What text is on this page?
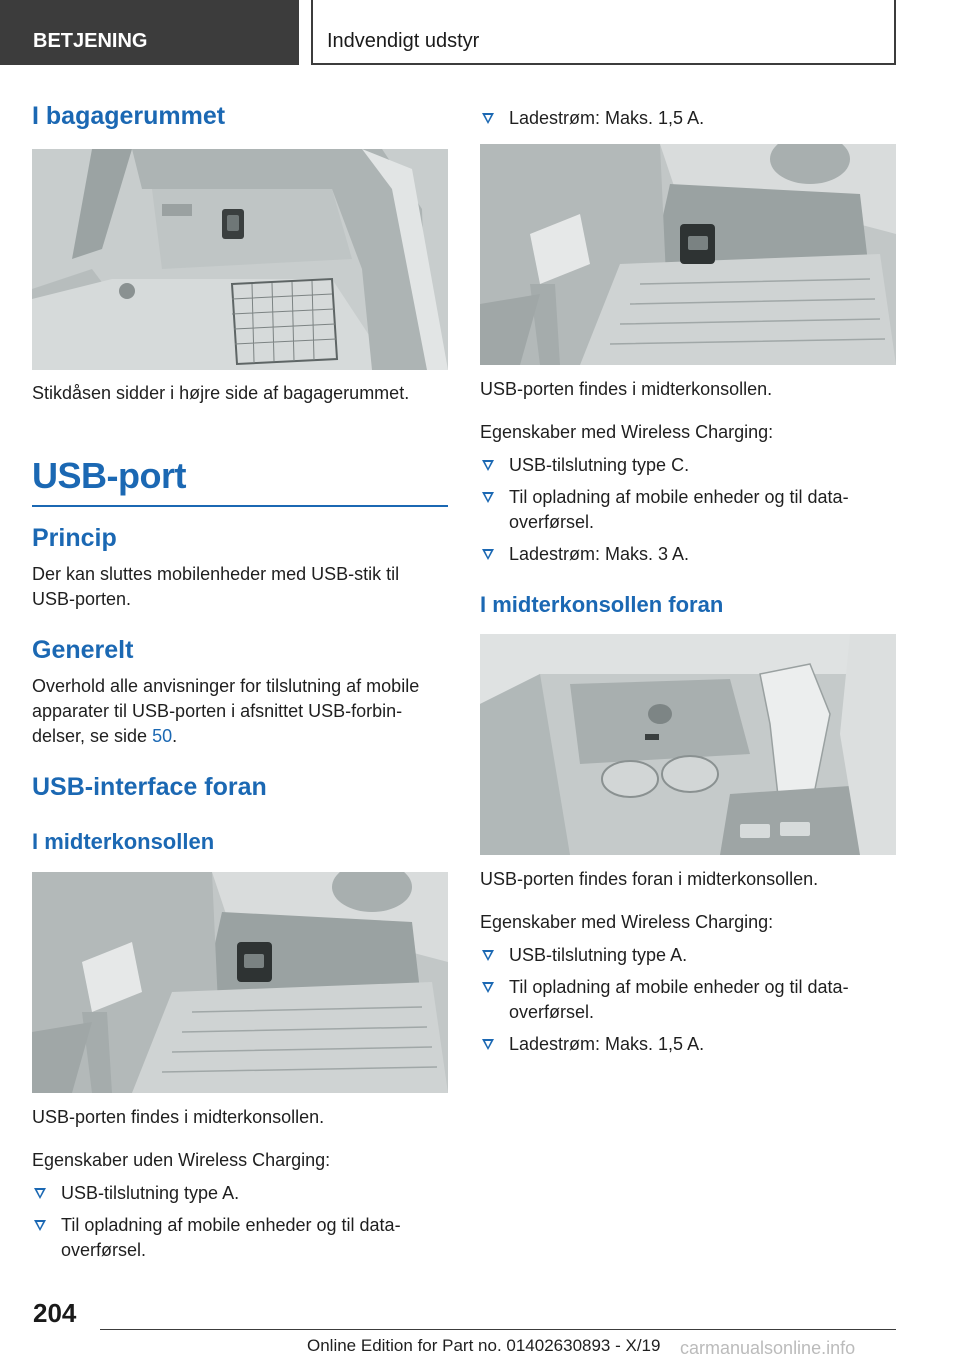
BETJENING	Indvendigt udstyr
I bagagerummet

Stikdåsen sidder i højre side af bagagerummet.

USB-port
Princip

Der kan sluttes mobilenheder med USB-stik til USB-porten.

Generelt

Overhold alle anvisninger for tilslutning af mobile apparater til USB-porten i afsnittet USB-forbindelser, se side 50.

USB-interface foran
I midterkonsollen

USB-porten findes i midterkonsollen.

Egenskaber uden Wireless Charging:

USB-tilslutning type A.
Til opladning af mobile enheder og til dataoverførsel.
Ladestrøm: Maks. 1,5 A.

USB-porten findes i midterkonsollen.

Egenskaber med Wireless Charging:

USB-tilslutning type C.
Til opladning af mobile enheder og til dataoverførsel.
Ladestrøm: Maks. 3 A.
I midterkonsollen foran

USB-porten findes foran i midterkonsollen.

Egenskaber med Wireless Charging:

USB-tilslutning type A.
Til opladning af mobile enheder og til dataoverførsel.
Ladestrøm: Maks. 1,5 A.
204
Online Edition for Part no. 01402630893 - X/19 carmanualsonline.info
